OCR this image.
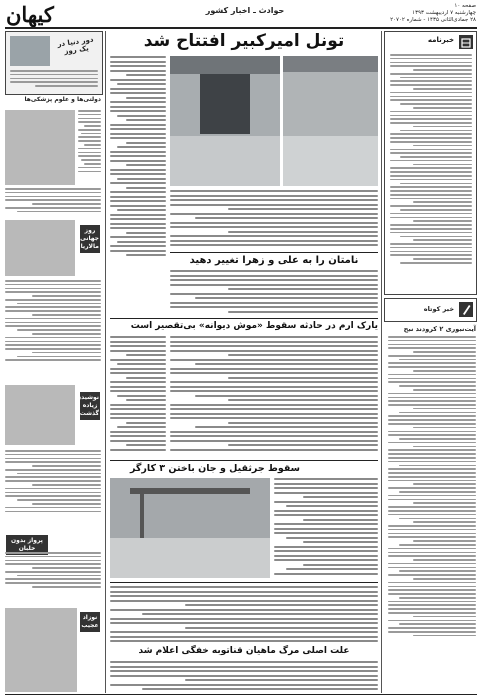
کیهان	حوادث ـ اخبار کشور	صفحه ۱۰
چهارشنبه ۷ اردیبهشت ۱۳۹۳
۲۸ جمادی‌الثانی ۱۴۳۵ - شماره ۲۰۷۰۲
خبرنامه
خبر کوتاه
آیت‌نبوری ۲ کرودند نبح
دور دنیا در یک روز
دولتی‌ها و علوم پزشکی‌ها
روز جهانی مالاریا
نوشیدن زیاده گذشت
پرواز بدون خلبان
نوزاد عجیب
تونل امیرکبیر افتتاح شد
نامتان را به علی و زهرا تغییر دهید
یارک ارم در حادثه سقوط «موش دیوانه» بی‌تقصیر است
سقوط جرثقیل و جان باختن ۳ کارگر
علت اصلی مرگ ماهیان قناتوبه خفگی اعلام شد
